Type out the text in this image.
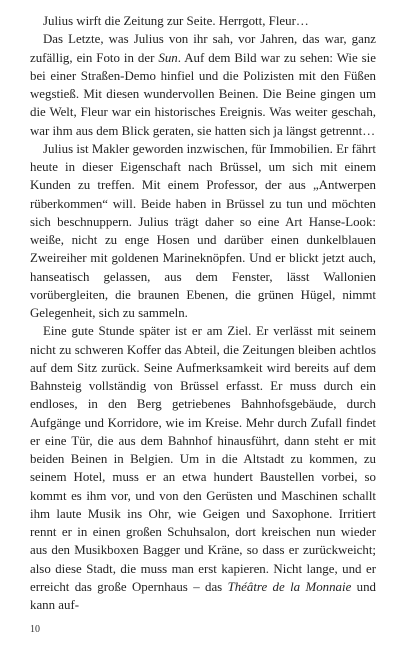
Julius wirft die Zeitung zur Seite. Herrgott, Fleur…

Das Letzte, was Julius von ihr sah, vor Jahren, das war, ganz zufällig, ein Foto in der Sun. Auf dem Bild war zu sehen: Wie sie bei einer Straßen-Demo hinfiel und die Polizisten mit den Füßen wegstieß. Mit diesen wundervollen Beinen. Die Beine gingen um die Welt, Fleur war ein historisches Ereignis. Was weiter geschah, war ihm aus dem Blick geraten, sie hatten sich ja längst getrennt…

Julius ist Makler geworden inzwischen, für Immobilien. Er fährt heute in dieser Eigenschaft nach Brüssel, um sich mit einem Kunden zu treffen. Mit einem Professor, der aus „Antwerpen rüberkommen“ will. Beide haben in Brüssel zu tun und möchten sich beschnuppern. Julius trägt daher so eine Art Hanse-Look: weiße, nicht zu enge Hosen und darüber einen dunkelblauen Zweireiher mit goldenen Marineknöpfen. Und er blickt jetzt auch, hanseatisch gelassen, aus dem Fenster, lässt Wallonien vorübergleiten, die braunen Ebenen, die grünen Hügel, nimmt Gelegenheit, sich zu sammeln.

Eine gute Stunde später ist er am Ziel. Er verlässt mit seinem nicht zu schweren Koffer das Abteil, die Zeitungen bleiben achtlos auf dem Sitz zurück. Seine Aufmerksamkeit wird bereits auf dem Bahnsteig vollständig von Brüssel erfasst. Er muss durch ein endloses, in den Berg getriebenes Bahnhofsgebäude, durch Aufgänge und Korridore, wie im Kreise. Mehr durch Zufall findet er eine Tür, die aus dem Bahnhof hinausführt, dann steht er mit beiden Beinen in Belgien. Um in die Altstadt zu kommen, zu seinem Hotel, muss er an etwa hundert Baustellen vorbei, so kommt es ihm vor, und von den Gerüsten und Maschinen schallt ihm laute Musik ins Ohr, wie Geigen und Saxophone. Irritiert rennt er in einen großen Schuhsalon, dort kreischen nun wieder aus den Musikboxen Bagger und Kräne, so dass er zurückweicht; also diese Stadt, die muss man erst kapieren. Nicht lange, und er erreicht das große Opernhaus – das Théâtre de la Monnaie und kann auf-

10
